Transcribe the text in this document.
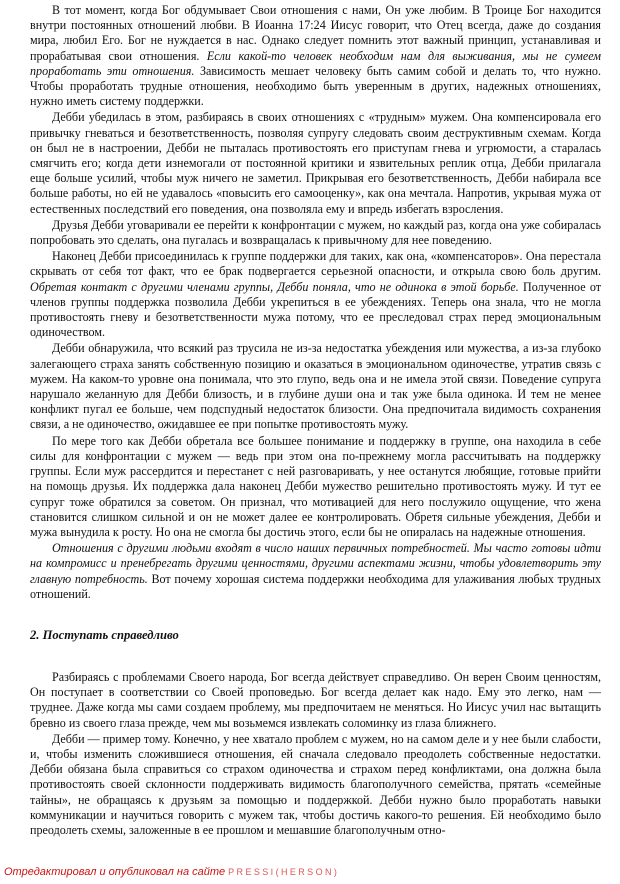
В тот момент, когда Бог обдумывает Свои отношения с нами, Он уже любим. В Троице Бог находится внутри постоянных отношений любви. В Иоанна 17:24 Иисус говорит, что Отец всегда, даже до создания мира, любил Его. Бог не нуждается в нас. Однако следует помнить этот важный принцип, устанавливая и прорабатывая свои отношения. Если какой-то человек необходим нам для выживания, мы не сумеем проработать эти отношения. Зависимость мешает человеку быть самим собой и делать то, что нужно. Чтобы проработать трудные отношения, необходимо быть уверенным в других, надежных отношениях, нужно иметь систему поддержки.

Дебби убедилась в этом, разбираясь в своих отношениях с «трудным» мужем. Она компенсировала его привычку гневаться и безответственность, позволяя супругу следовать своим деструктивным схемам. Когда он был не в настроении, Дебби не пыталась противостоять его приступам гнева и угрюмости, а старалась смягчить его; когда дети изнемогали от постоянной критики и язвительных реплик отца, Дебби прилагала еще больше усилий, чтобы муж ничего не заметил. Прикрывая его безответственность, Дебби набирала все больше работы, но ей не удавалось «повысить его самооценку», как она мечтала. Напротив, укрывая мужа от естественных последствий его поведения, она позволяла ему и впредь избегать взросления.

Друзья Дебби уговаривали ее перейти к конфронтации с мужем, но каждый раз, когда она уже собиралась попробовать это сделать, она пугалась и возвращалась к привычному для нее поведению.

Наконец Дебби присоединилась к группе поддержки для таких, как она, «компенсаторов». Она перестала скрывать от себя тот факт, что ее брак подвергается серьезной опасности, и открыла свою боль другим. Обретая контакт с другими членами группы, Дебби поняла, что не одинока в этой борьбе. Полученное от членов группы поддержка позволила Дебби укрепиться в ее убеждениях. Теперь она знала, что не могла противостоять гневу и безответственности мужа потому, что ее преследовал страх перед эмоциональным одиночеством.

Дебби обнаружила, что всякий раз трусила не из-за недостатка убеждения или мужества, а из-за глубоко залегающего страха занять собственную позицию и оказаться в эмоциональном одиночестве, утратив связь с мужем. На каком-то уровне она понимала, что это глупо, ведь она и не имела этой связи. Поведение супруга нарушало желанную для Дебби близость, и в глубине души она и так уже была одинока. И тем не менее конфликт пугал ее больше, чем подспудный недостаток близости. Она предпочитала видимость сохранения связи, а не одиночество, ожидавшее ее при попытке противостоять мужу.

По мере того как Дебби обретала все большее понимание и поддержку в группе, она находила в себе силы для конфронтации с мужем — ведь при этом она по-прежнему могла рассчитывать на поддержку группы. Если муж рассердится и перестанет с ней разговаривать, у нее останутся любящие, готовые прийти на помощь друзья. Их поддержка дала наконец Дебби мужество решительно противостоять мужу. И тут ее супруг тоже обратился за советом. Он признал, что мотивацией для него послужило ощущение, что жена становится слишком сильной и он не может далее ее контролировать. Обретя сильные убеждения, Дебби и мужа вынудила к росту. Но она не смогла бы достичь этого, если бы не опиралась на надежные отношения.

Отношения с другими людьми входят в число наших первичных потребностей. Мы часто готовы идти на компромисс и пренебрегать другими ценностями, другими аспектами жизни, чтобы удовлетворить эту главную потребность. Вот почему хорошая система поддержки необходима для улаживания любых трудных отношений.

2. Поступать справедливо

Разбираясь с проблемами Своего народа, Бог всегда действует справедливо. Он верен Своим ценностям, Он поступает в соответствии со Своей проповедью. Бог всегда делает как надо. Ему это легко, нам — труднее. Даже когда мы сами создаем проблему, мы предпочитаем не меняться. Но Иисус учил нас вытащить бревно из своего глаза прежде, чем мы возьмемся извлекать соломинку из глаза ближнего.

Дебби — пример тому. Конечно, у нее хватало проблем с мужем, но на самом деле и у нее были слабости, и, чтобы изменить сложившиеся отношения, ей сначала следовало преодолеть собственные недостатки. Дебби обязана была справиться со страхом одиночества и страхом перед конфликтами, она должна была противостоять своей склонности поддерживать видимость благополучного семейства, прятать «семейные тайны», не обращаясь к друзьям за помощью и поддержкой. Дебби нужно было проработать навыки коммуникации и научиться говорить с мужем так, чтобы достичь какого-то решения. Ей необходимо было преодолеть схемы, заложенные в ее прошлом и мешавшие благополучным отно-

Отредактировал и опубликовал на сайте PRESSI(HERSON)
